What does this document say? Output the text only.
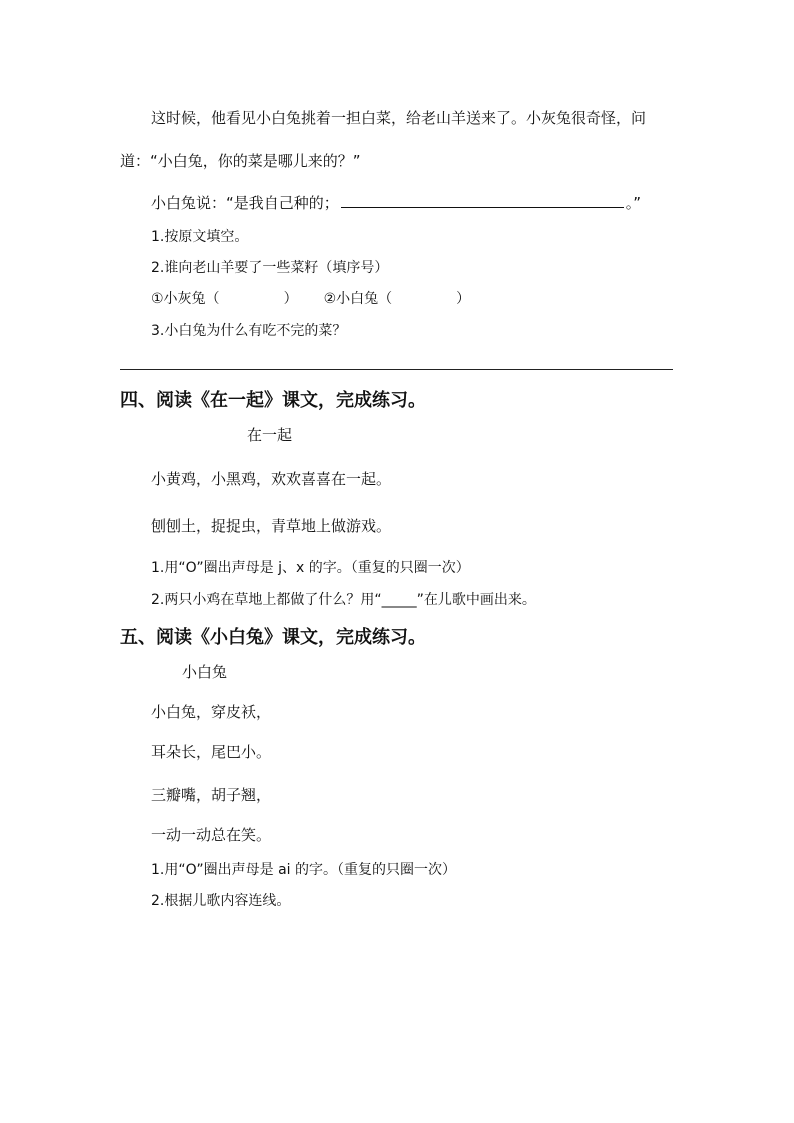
这时候，他看见小白兔挑着一担白菜，给老山羊送来了。小灰兔很奇怪，问
道：“小白兔，你的菜是哪儿来的？”
小白兔说：“是我自己种的；	。”
1.按原文填空。
2.谁向老山羊要了一些菜籽（填序号）
①小灰兔（	） ②小白兔（	）
3.小白兔为什么有吃不完的菜？
四、阅读《在一起》课文，完成练习。
在一起
小黄鸡，小黑鸡，欢欢喜喜在一起。
刨刨土，捉捉虫，青草地上做游戏。
1.用“O”圈出声母是 j、x 的字。（重复的只圈一次）
2.两只小鸡在草地上都做了什么？用“_____”在儿歌中画出来。
五、阅读《小白兔》课文，完成练习。
小白兔
小白兔，穿皮袄，
耳朵长，尾巴小。
三瓣嘴，胡子翘，
一动一动总在笑。
1.用“O”圈出声母是 ai 的字。（重复的只圈一次）
2.根据儿歌内容连线。
